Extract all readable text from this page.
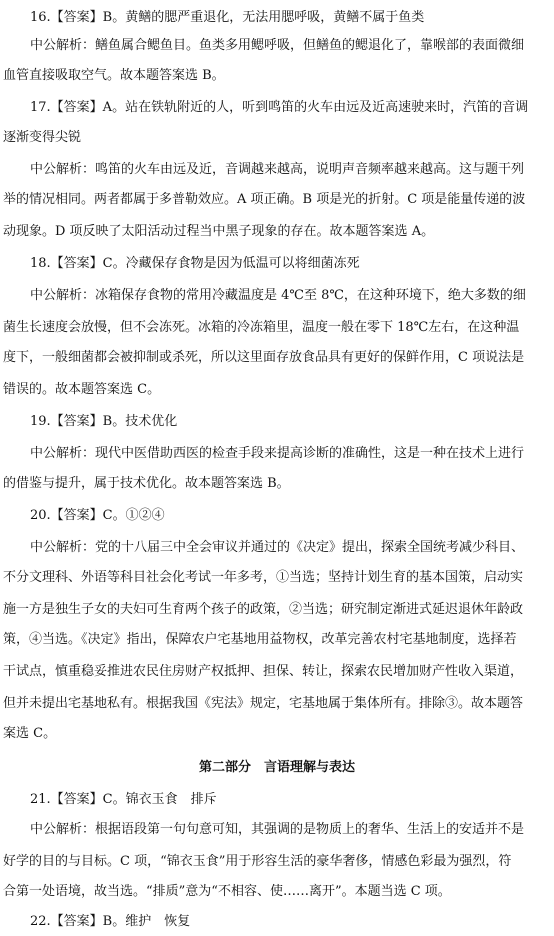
16.【答案】B。黄鳝的腮严重退化，无法用腮呼吸，黄鳝不属于鱼类
中公解析：鳝鱼属合鳃鱼目。鱼类多用鳃呼吸，但鳝鱼的鳃退化了，靠喉部的表面微细
血管直接吸取空气。故本题答案选 B。
17.【答案】A。站在铁轨附近的人，听到鸣笛的火车由远及近高速驶来时，汽笛的音调
逐渐变得尖锐
中公解析：鸣笛的火车由远及近，音调越来越高，说明声音频率越来越高。这与题干列
举的情况相同。两者都属于多普勒效应。A 项正确。B 项是光的折射。C 项是能量传递的波
动现象。D 项反映了太阳活动过程当中黑子现象的存在。故本题答案选 A。
18.【答案】C。冷藏保存食物是因为低温可以将细菌冻死
中公解析：冰箱保存食物的常用冷藏温度是 4℃至 8℃，在这种环境下，绝大多数的细
菌生长速度会放慢，但不会冻死。冰箱的冷冻箱里，温度一般在零下 18℃左右，在这种温
度下，一般细菌都会被抑制或杀死，所以这里面存放食品具有更好的保鲜作用，C 项说法是
错误的。故本题答案选 C。
19.【答案】B。技术优化
中公解析：现代中医借助西医的检查手段来提高诊断的准确性，这是一种在技术上进行
的借鉴与提升，属于技术优化。故本题答案选 B。
20.【答案】C。①②④
中公解析：党的十八届三中全会审议并通过的《决定》提出，探索全国统考减少科目、
不分文理科、外语等科目社会化考试一年多考，①当选；坚持计划生育的基本国策，启动实
施一方是独生子女的夫妇可生育两个孩子的政策，②当选；研究制定渐进式延迟退休年龄政
策，④当选。《决定》指出，保障农户宅基地用益物权，改革完善农村宅基地制度，选择若
干试点，慎重稳妥推进农民住房财产权抵押、担保、转让，探索农民增加财产性收入渠道，
但并未提出宅基地私有。根据我国《宪法》规定，宅基地属于集体所有。排除③。故本题答
案选 C。
第二部分　言语理解与表达
21.【答案】C。锦衣玉食　排斥
中公解析：根据语段第一句句意可知，其强调的是物质上的奢华、生活上的安适并不是
好学的目的与目标。C 项，“锦衣玉食”用于形容生活的豪华奢侈，情感色彩最为强烈，符
合第一处语境，故当选。“排质”意为“不相容、使……离开”。本题当选 C 项。
22.【答案】B。维护　恢复
